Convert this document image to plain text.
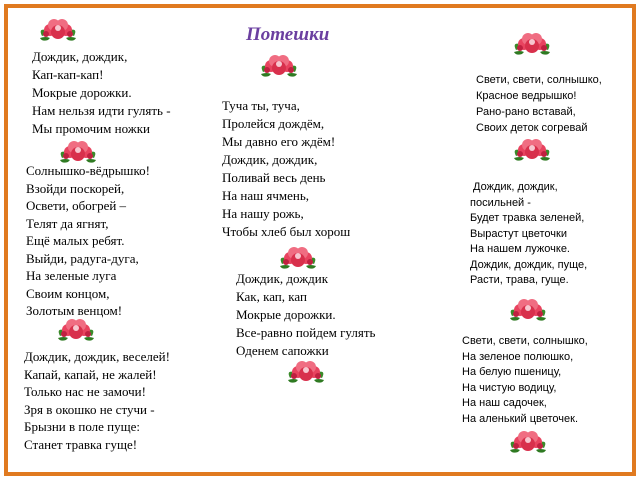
Потешки
Дождик, дождик,
Кап-кап-кап!
Мокрые дорожки.
Нам нельзя идти гулять -
Мы промочим ножки
Свети, свети, солнышко,
Красное ведрышко!
Рано-рано вставай,
Своих деток согревай
Туча ты, туча,
Пролейся дождём,
Мы давно его ждём!
Дождик, дождик,
Поливай весь день
На наш ячмень,
На нашу рожь,
Чтобы хлеб был хорош
Солнышко-вёдрышко!
Взойди поскорей,
Освети, обогрей –
Телят да ягнят,
Ещё малых ребят.
Выйди, радуга-дуга,
На зеленые луга
Своим концом,
Золотым венцом!
Дождик, дождик,
посильней -
Будет травка зеленей,
Вырастут цветочки
На нашем лужочке.
Дождик, дождик, пуще,
Расти, трава, гуще.
Дождик, дождик
Как, кап, кап
Мокрые дорожки.
Все-равно пойдем гулять
Оденем сапожки
Дождик, дождик, веселей!
Капай, капай, не жалей!
Только нас не замочи!
Зря в окошко не стучи -
Брызни в поле пуще:
Станет травка гуще!
Свети, свети, солнышко,
На зеленое полюшко,
На белую пшеницу,
На чистую водицу,
На наш садочек,
На аленький цветочек.
